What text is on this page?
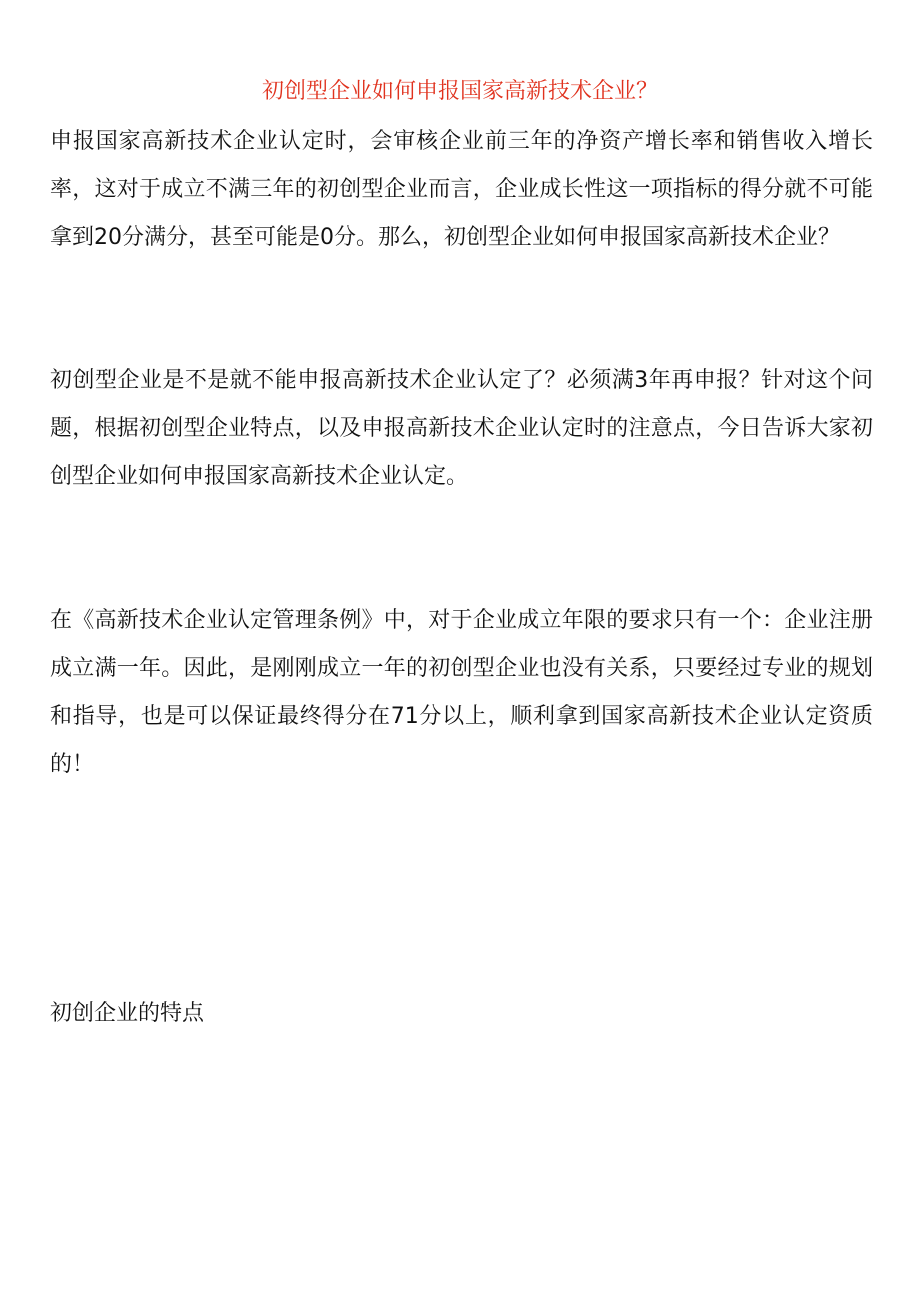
初创型企业如何申报国家高新技术企业？

申报国家高新技术企业认定时，会审核企业前三年的净资产增长率和销售收入增长率，这对于成立不满三年的初创型企业而言，企业成长性这一项指标的得分就不可能拿到20分满分，甚至可能是0分。那么，初创型企业如何申报国家高新技术企业？

初创型企业是不是就不能申报高新技术企业认定了？必须满3年再申报？针对这个问题，根据初创型企业特点，以及申报高新技术企业认定时的注意点，今日告诉大家初创型企业如何申报国家高新技术企业认定。

在《高新技术企业认定管理条例》中，对于企业成立年限的要求只有一个：企业注册成立满一年。因此，是刚刚成立一年的初创型企业也没有关系，只要经过专业的规划和指导，也是可以保证最终得分在71分以上，顺利拿到国家高新技术企业认定资质的！

初创企业的特点
